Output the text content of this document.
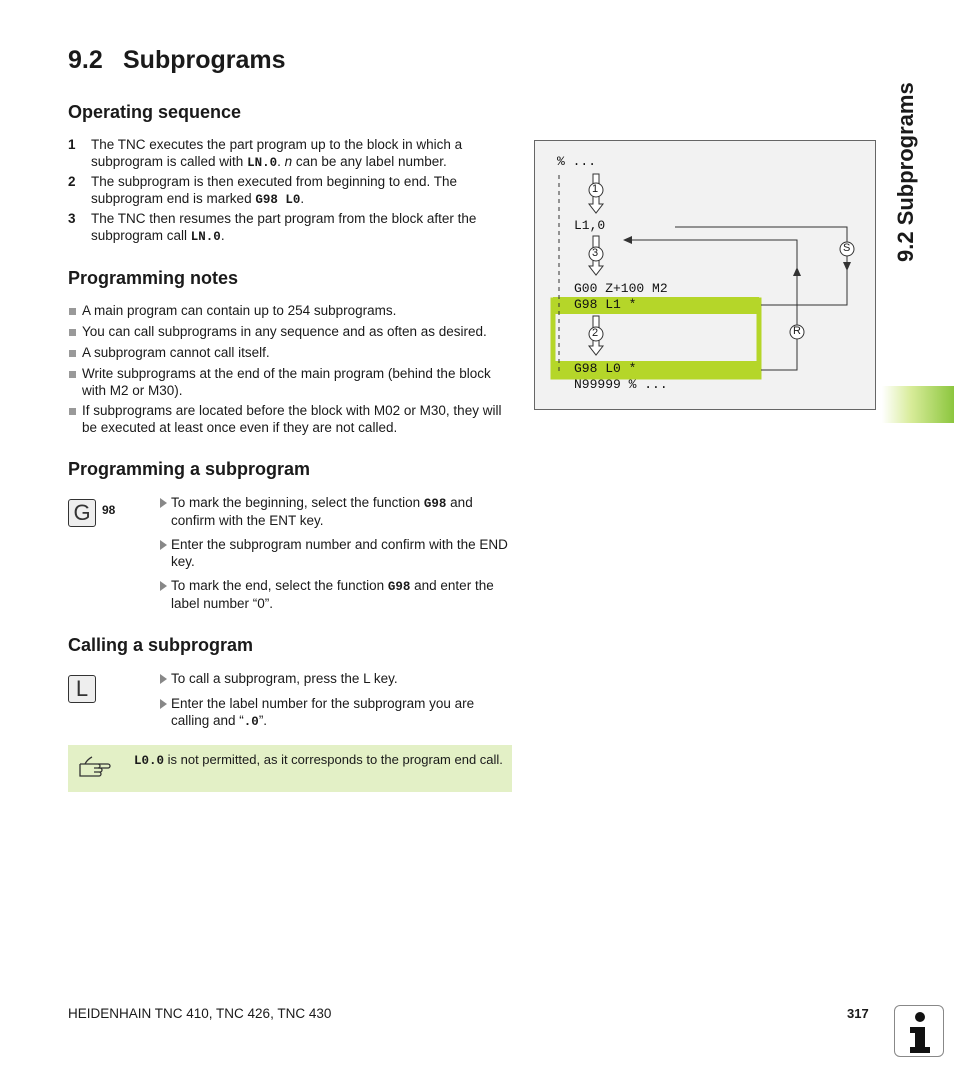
9.2 Subprograms
Operating sequence
1 The TNC executes the part program up to the block in which a subprogram is called with LN.0. n can be any label number.
2 The subprogram is then executed from beginning to end. The subprogram end is marked G98 L0.
3 The TNC then resumes the part program from the block after the subprogram call LN.0.
Programming notes
A main program can contain up to 254 subprograms.
You can call subprograms in any sequence and as often as desired.
A subprogram cannot call itself.
Write subprograms at the end of the main program (behind the block with M2 or M30).
If subprograms are located before the block with M02 or M30, they will be executed at least once even if they are not called.
Programming a subprogram
G 98	To mark the beginning, select the function G98 and confirm with the ENT key.
Enter the subprogram number and confirm with the END key.
To mark the end, select the function G98 and enter the label number “0”.
Calling a subprogram
L	To call a subprogram, press the L key.
Enter the label number for the subprogram you are calling and “.0”.
L0.0 is not permitted, as it corresponds to the program end call.
1
3
2
S
R
% ...
L1,0
G00 Z+100 M2
G98 L1 *
G98 L0 *
N99999 % ...
9.2 Subprograms
HEIDENHAIN TNC 410, TNC 426, TNC 430	317
